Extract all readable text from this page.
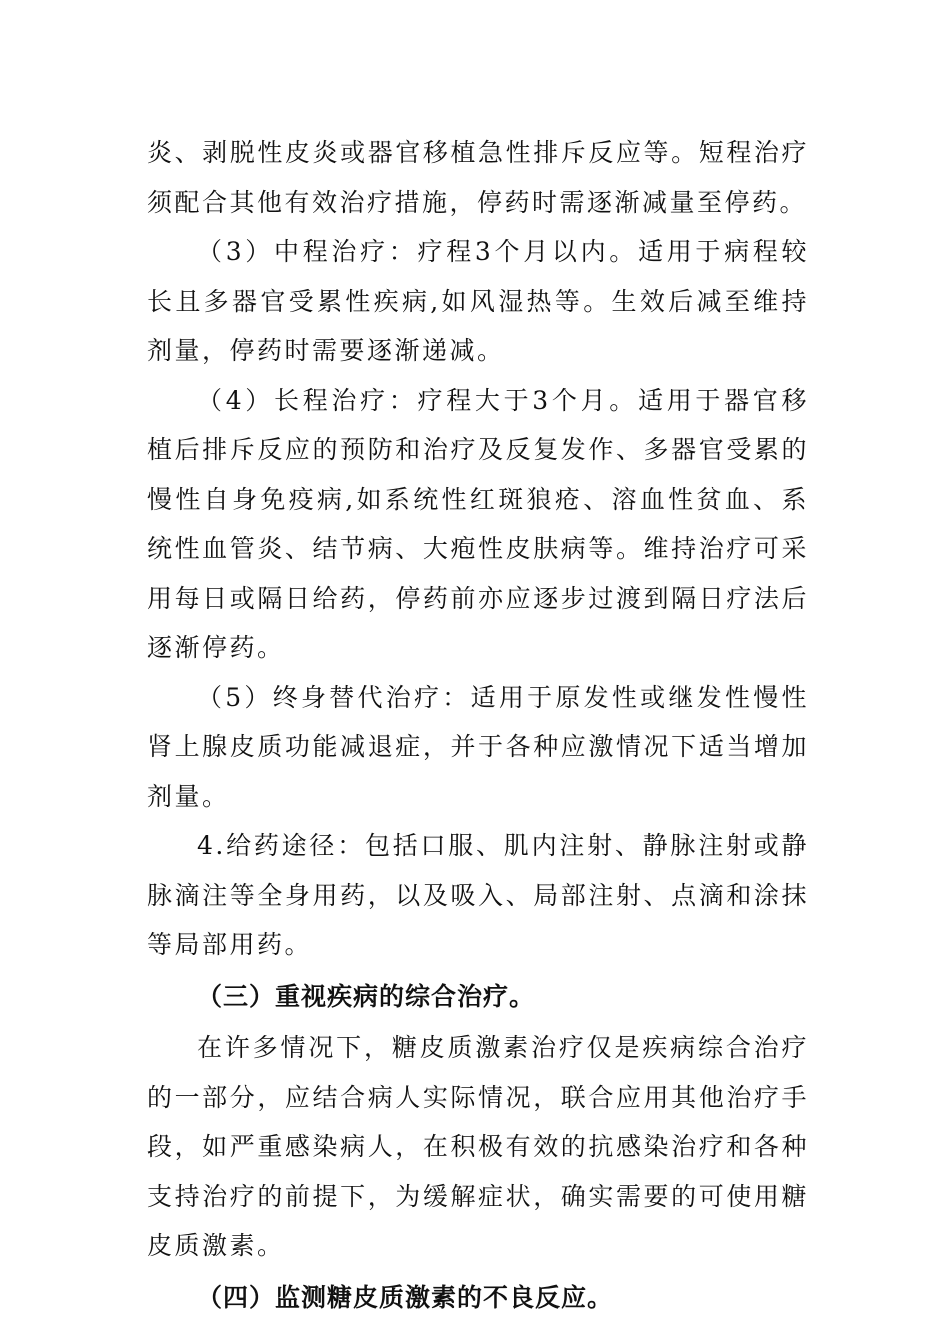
炎、剥脱性皮炎或器官移植急性排斥反应等。短程治疗须配合其他有效治疗措施，停药时需逐渐减量至停药。

（3）中程治疗：疗程3个月以内。适用于病程较长且多器官受累性疾病,如风湿热等。生效后减至维持剂量，停药时需要逐渐递减。

（4）长程治疗：疗程大于3个月。适用于器官移植后排斥反应的预防和治疗及反复发作、多器官受累的慢性自身免疫病,如系统性红斑狼疮、溶血性贫血、系统性血管炎、结节病、大疱性皮肤病等。维持治疗可采用每日或隔日给药，停药前亦应逐步过渡到隔日疗法后逐渐停药。

（5）终身替代治疗：适用于原发性或继发性慢性肾上腺皮质功能减退症，并于各种应激情况下适当增加剂量。

4.给药途径：包括口服、肌内注射、静脉注射或静脉滴注等全身用药，以及吸入、局部注射、点滴和涂抹等局部用药。

（三）重视疾病的综合治疗。

在许多情况下，糖皮质激素治疗仅是疾病综合治疗的一部分，应结合病人实际情况，联合应用其他治疗手段，如严重感染病人，在积极有效的抗感染治疗和各种支持治疗的前提下，为缓解症状，确实需要的可使用糖皮质激素。

（四）监测糖皮质激素的不良反应。
